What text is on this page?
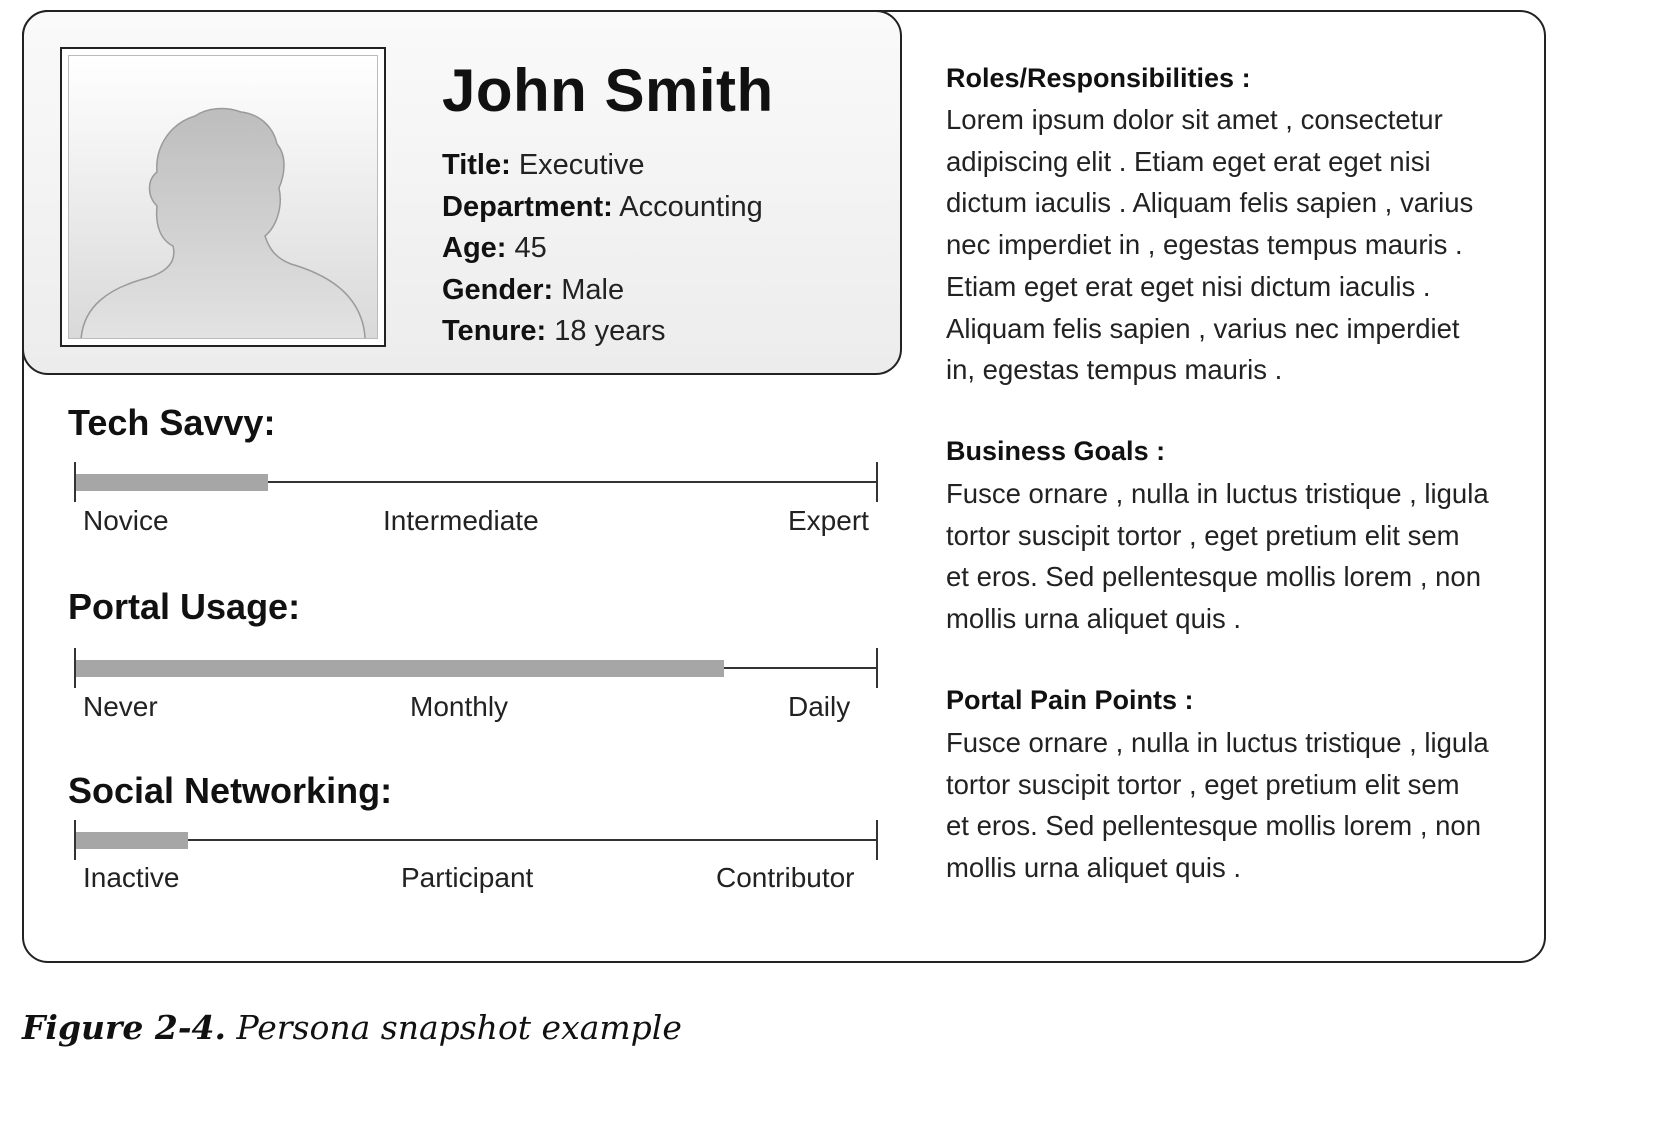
John Smith
Title: Executive
Department: Accounting
Age: 45
Gender: Male
Tenure: 18 years
Tech Savvy:
Novice	Intermediate	Expert
Portal Usage:
Never	Monthly	Daily
Social Networking:
Inactive	Participant	Contributor
Roles/Responsibilities :
Lorem ipsum dolor sit amet , consectetur
adipiscing elit . Etiam eget erat eget nisi
dictum iaculis . Aliquam felis sapien , varius
nec imperdiet in , egestas tempus mauris .
Etiam eget erat eget nisi dictum iaculis .
Aliquam felis sapien , varius nec imperdiet
in, egestas tempus mauris .
Business Goals :
Fusce ornare , nulla in luctus tristique , ligula
tortor suscipit tortor , eget pretium elit sem
et eros. Sed pellentesque mollis lorem , non
mollis urna aliquet quis .
Portal Pain Points :
Fusce ornare , nulla in luctus tristique , ligula
tortor suscipit tortor , eget pretium elit sem
et eros. Sed pellentesque mollis lorem , non
mollis urna aliquet quis .
Figure 2-4. Persona snapshot example
